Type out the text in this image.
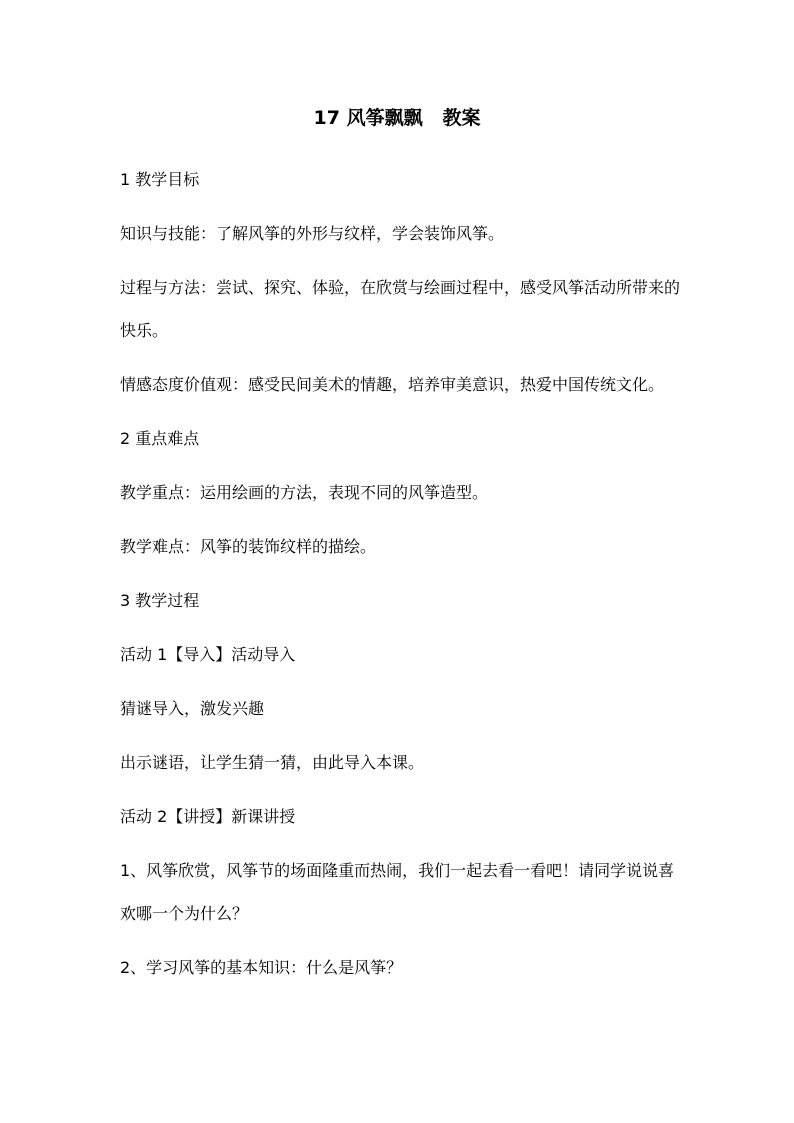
17 风筝飘飘   教案

1 教学目标

知识与技能：了解风筝的外形与纹样，学会装饰风筝。

过程与方法：尝试、探究、体验，在欣赏与绘画过程中，感受风筝活动所带来的快乐。

情感态度价值观：感受民间美术的情趣，培养审美意识，热爱中国传统文化。

2 重点难点

教学重点：运用绘画的方法，表现不同的风筝造型。

教学难点：风筝的装饰纹样的描绘。

3 教学过程

活动 1【导入】活动导入

猜谜导入，激发兴趣

出示谜语，让学生猜一猜，由此导入本课。

活动 2【讲授】新课讲授

1、风筝欣赏，风筝节的场面隆重而热闹，我们一起去看一看吧！请同学说说喜欢哪一个为什么？

2、学习风筝的基本知识：什么是风筝？
